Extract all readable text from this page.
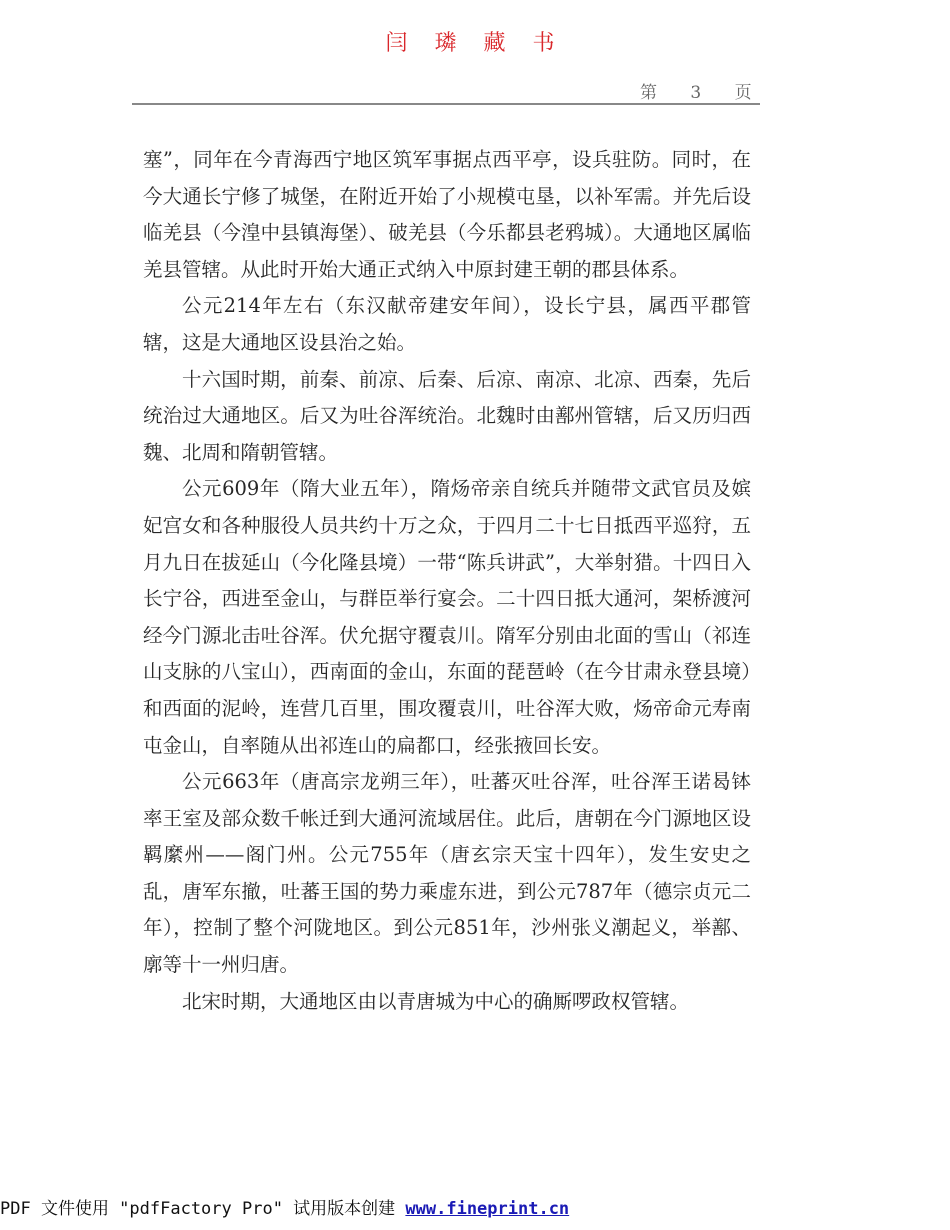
闫 璘 藏 书
第 3 页

塞”，同年在今青海西宁地区筑军事据点西平亭，设兵驻防。同时，在今大通长宁修了城堡，在附近开始了小规模屯垦，以补军需。并先后设临羌县（今湟中县镇海堡）、破羌县（今乐都县老鸦城）。大通地区属临羌县管辖。从此时开始大通正式纳入中原封建王朝的郡县体系。

公元214年左右（东汉献帝建安年间），设长宁县，属西平郡管辖，这是大通地区设县治之始。

十六国时期，前秦、前凉、后秦、后凉、南凉、北凉、西秦，先后统治过大通地区。后又为吐谷浑统治。北魏时由鄯州管辖，后又历归西魏、北周和隋朝管辖。

公元609年（隋大业五年），隋炀帝亲自统兵并随带文武官员及嫔妃宫女和各种服役人员共约十万之众，于四月二十七日抵西平巡狩，五月九日在拔延山（今化隆县境）一带“陈兵讲武”，大举射猎。十四日入长宁谷，西进至金山，与群臣举行宴会。二十四日抵大通河，架桥渡河经今门源北击吐谷浑。伏允据守覆袁川。隋军分别由北面的雪山（祁连山支脉的八宝山），西南面的金山，东面的琵琶岭（在今甘肃永登县境）和西面的泥岭，连营几百里，围攻覆袁川，吐谷浑大败，炀帝命元寿南屯金山，自率随从出祁连山的扁都口，经张掖回长安。

公元663年（唐高宗龙朔三年），吐蕃灭吐谷浑，吐谷浑王诺曷钵率王室及部众数千帐迁到大通河流域居住。此后，唐朝在今门源地区设羁縻州——阁门州。公元755年（唐玄宗天宝十四年），发生安史之乱，唐军东撤，吐蕃王国的势力乘虚东进，到公元787年（德宗贞元二年），控制了整个河陇地区。到公元851年，沙州张义潮起义，举鄯、廓等十一州归唐。

北宋时期，大通地区由以青唐城为中心的确厮啰政权管辖。

PDF 文件使用 "pdfFactory Pro" 试用版本创建 www.fineprint.cn
